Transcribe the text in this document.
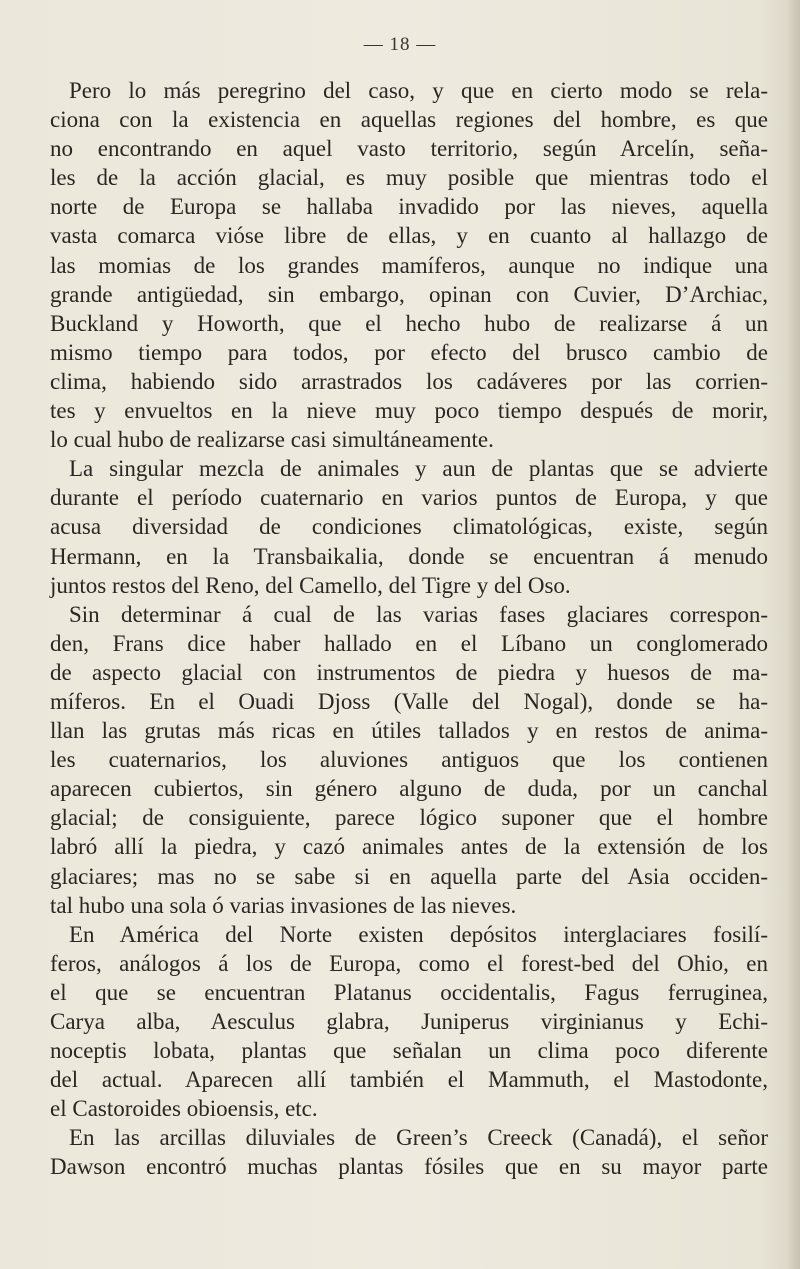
— 18 —
Pero lo más peregrino del caso, y que en cierto modo se rela-
ciona con la existencia en aquellas regiones del hombre, es que
no encontrando en aquel vasto territorio, según Arcelín, seña-
les de la acción glacial, es muy posible que mientras todo el
norte de Europa se hallaba invadido por las nieves, aquella
vasta comarca vióse libre de ellas, y en cuanto al hallazgo de
las momias de los grandes mamíferos, aunque no indique una
grande antigüedad, sin embargo, opinan con Cuvier, D’Archiac,
Buckland y Howorth, que el hecho hubo de realizarse á un
mismo tiempo para todos, por efecto del brusco cambio de
clima, habiendo sido arrastrados los cadáveres por las corrien-
tes y envueltos en la nieve muy poco tiempo después de morir,
lo cual hubo de realizarse casi simultáneamente.
La singular mezcla de animales y aun de plantas que se advierte
durante el período cuaternario en varios puntos de Europa, y que
acusa diversidad de condiciones climatológicas, existe, según
Hermann, en la Transbaikalia, donde se encuentran á menudo
juntos restos del Reno, del Camello, del Tigre y del Oso.
Sin determinar á cual de las varias fases glaciares correspon-
den, Frans dice haber hallado en el Líbano un conglomerado
de aspecto glacial con instrumentos de piedra y huesos de ma-
míferos. En el Ouadi Djoss (Valle del Nogal), donde se ha-
llan las grutas más ricas en útiles tallados y en restos de anima-
les cuaternarios, los aluviones antiguos que los contienen
aparecen cubiertos, sin género alguno de duda, por un canchal
glacial; de consiguiente, parece lógico suponer que el hombre
labró allí la piedra, y cazó animales antes de la extensión de los
glaciares; mas no se sabe si en aquella parte del Asia occiden-
tal hubo una sola ó varias invasiones de las nieves.
En América del Norte existen depósitos interglaciares fosilí-
feros, análogos á los de Europa, como el forest-bed del Ohio, en
el que se encuentran Platanus occidentalis, Fagus ferruginea,
Carya alba, Aesculus glabra, Juniperus virginianus y Echi-
noceptis lobata, plantas que señalan un clima poco diferente
del actual. Aparecen allí también el Mammuth, el Mastodonte,
el Castoroides obioensis, etc.
En las arcillas diluviales de Green’s Creeck (Canadá), el señor
Dawson encontró muchas plantas fósiles que en su mayor parte
